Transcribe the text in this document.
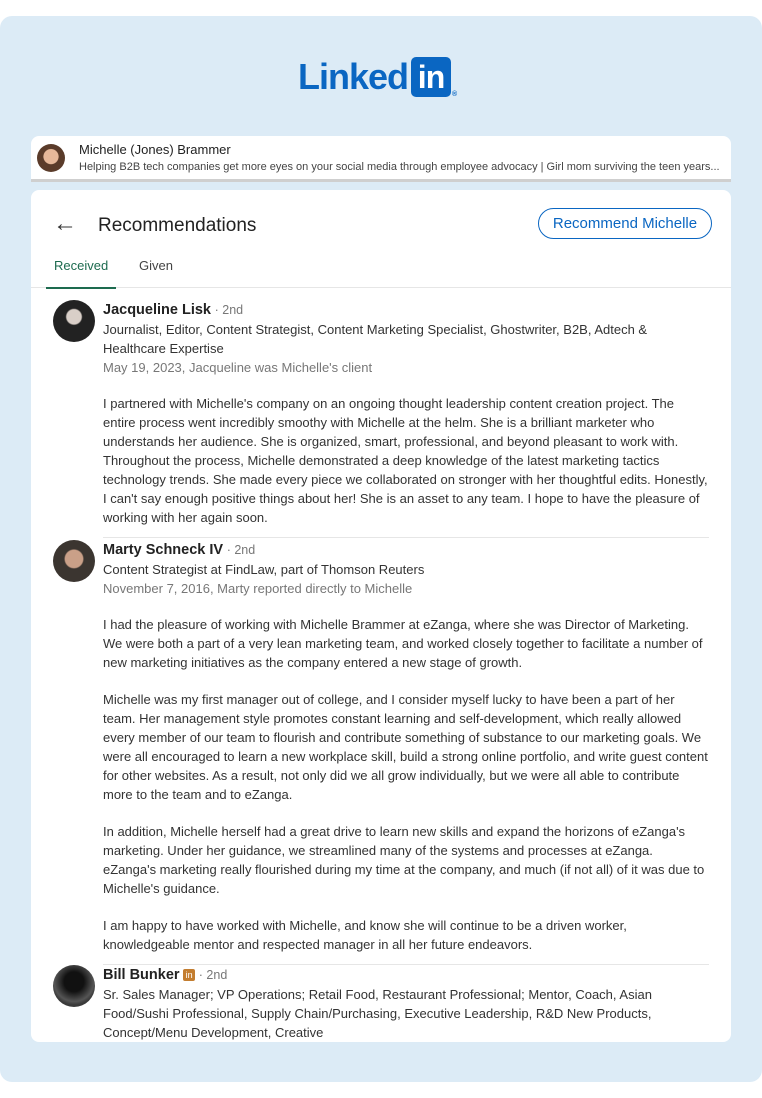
Linked in	®
Michelle (Jones) Brammer
Helping B2B tech companies get more eyes on your social media through employee advocacy | Girl mom surviving the teen years...
← Recommendations	Recommend Michelle
Received	Given
Jacqueline Lisk · 2nd
Journalist, Editor, Content Strategist, Content Marketing Specialist, Ghostwriter, B2B, Adtech & Healthcare Expertise
May 19, 2023, Jacqueline was Michelle's client

I partnered with Michelle's company on an ongoing thought leadership content creation project. The entire process went incredibly smoothy with Michelle at the helm. She is a brilliant marketer who understands her audience. She is organized, smart, professional, and beyond pleasant to work with. Throughout the process, Michelle demonstrated a deep knowledge of the latest marketing tactics technology trends. She made every piece we collaborated on stronger with her thoughtful edits. Honestly, I can't say enough positive things about her! She is an asset to any team. I hope to have the pleasure of working with her again soon.

Marty Schneck IV · 2nd
Content Strategist at FindLaw, part of Thomson Reuters
November 7, 2016, Marty reported directly to Michelle

I had the pleasure of working with Michelle Brammer at eZanga, where she was Director of Marketing. We were both a part of a very lean marketing team, and worked closely together to facilitate a number of new marketing initiatives as the company entered a new stage of growth.

Michelle was my first manager out of college, and I consider myself lucky to have been a part of her team. Her management style promotes constant learning and self-development, which really allowed every member of our team to flourish and contribute something of substance to our marketing goals. We were all encouraged to learn a new workplace skill, build a strong online portfolio, and write guest content for other websites. As a result, not only did we all grow individually, but we were all able to contribute more to the team and to eZanga.

In addition, Michelle herself had a great drive to learn new skills and expand the horizons of eZanga's marketing. Under her guidance, we streamlined many of the systems and processes at eZanga. eZanga's marketing really flourished during my time at the company, and much (if not all) of it was due to Michelle's guidance.

I am happy to have worked with Michelle, and know she will continue to be a driven worker, knowledgeable mentor and respected manager in all her future endeavors.

Bill Bunker in · 2nd
Sr. Sales Manager; VP Operations; Retail Food, Restaurant Professional; Mentor, Coach, Asian Food/Sushi Professional, Supply Chain/Purchasing, Executive Leadership, R&D New Products, Concept/Menu Development, Creative
